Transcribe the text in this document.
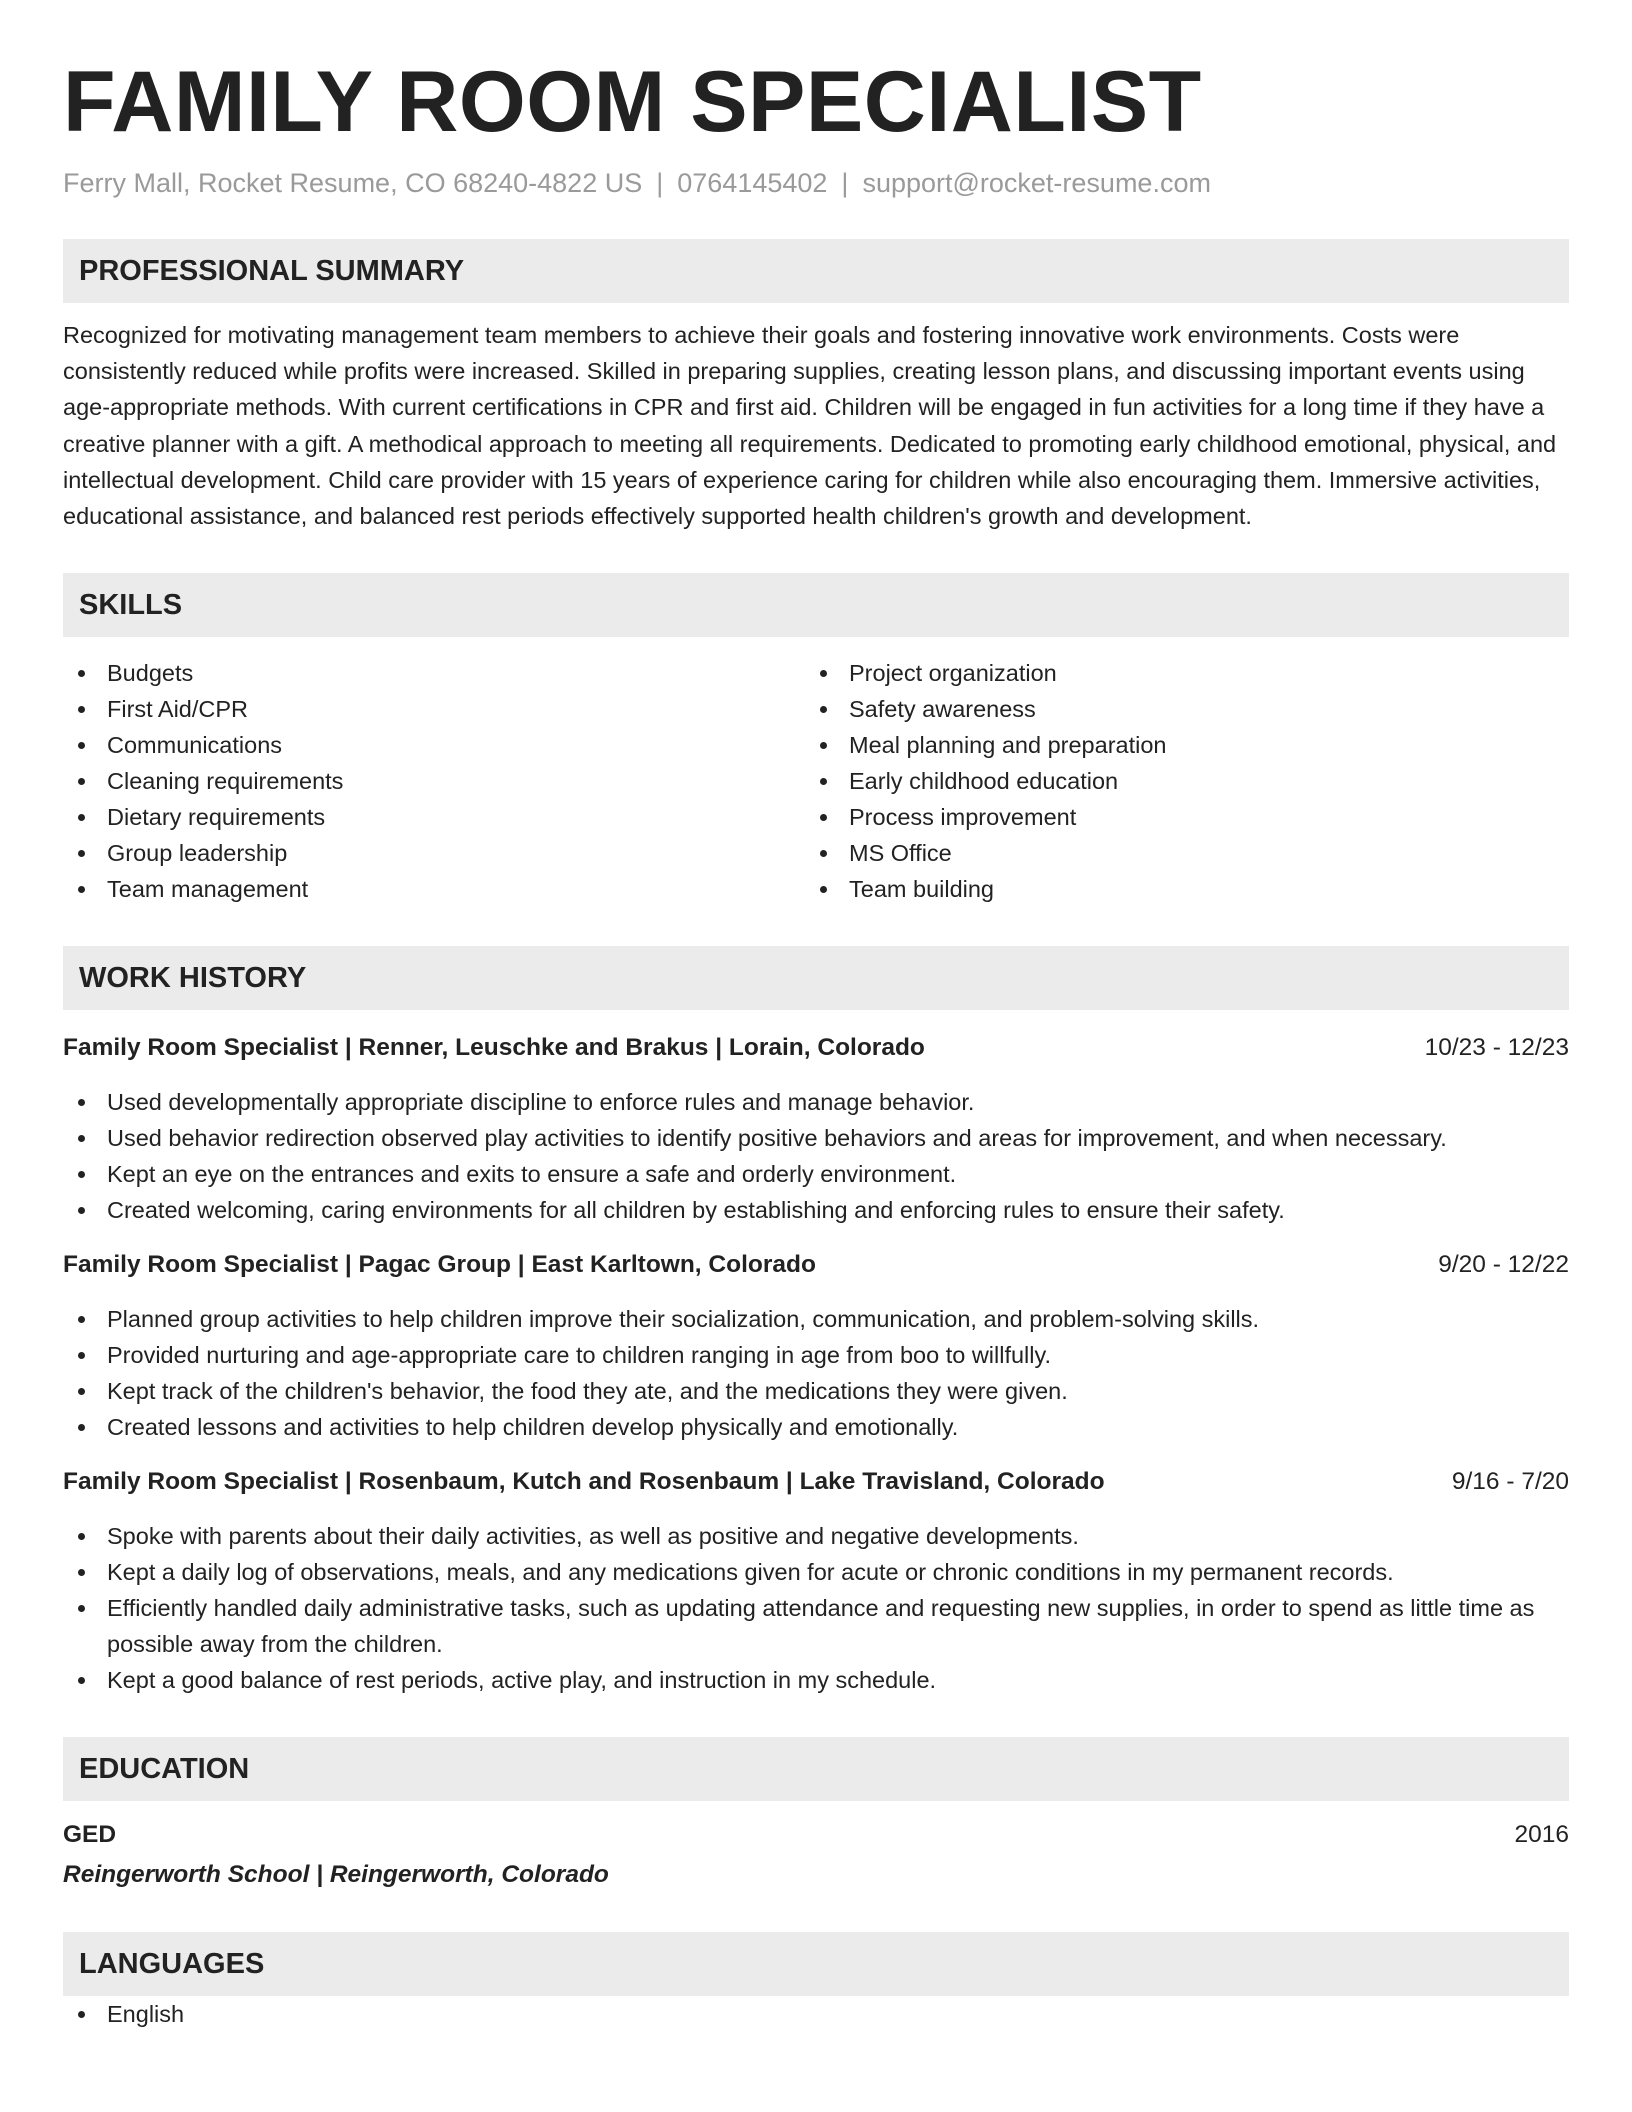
FAMILY ROOM SPECIALIST
Ferry Mall, Rocket Resume, CO 68240-4822 US | 0764145402 | support@rocket-resume.com
PROFESSIONAL SUMMARY

Recognized for motivating management team members to achieve their goals and fostering innovative work environments. Costs were consistently reduced while profits were increased. Skilled in preparing supplies, creating lesson plans, and discussing important events using age-appropriate methods. With current certifications in CPR and first aid. Children will be engaged in fun activities for a long time if they have a creative planner with a gift. A methodical approach to meeting all requirements. Dedicated to promoting early childhood emotional, physical, and intellectual development. Child care provider with 15 years of experience caring for children while also encouraging them. Immersive activities, educational assistance, and balanced rest periods effectively supported health children's growth and development.

SKILLS
Budgets
First Aid/CPR
Communications
Cleaning requirements
Dietary requirements
Group leadership
Team management
Project organization
Safety awareness
Meal planning and preparation
Early childhood education
Process improvement
MS Office
Team building
WORK HISTORY
Family Room Specialist | Renner, Leuschke and Brakus | Lorain, Colorado	10/23 - 12/23
Used developmentally appropriate discipline to enforce rules and manage behavior.
Used behavior redirection observed play activities to identify positive behaviors and areas for improvement, and when necessary.
Kept an eye on the entrances and exits to ensure a safe and orderly environment.
Created welcoming, caring environments for all children by establishing and enforcing rules to ensure their safety.
Family Room Specialist | Pagac Group | East Karltown, Colorado	9/20 - 12/22
Planned group activities to help children improve their socialization, communication, and problem-solving skills.
Provided nurturing and age-appropriate care to children ranging in age from boo to willfully.
Kept track of the children's behavior, the food they ate, and the medications they were given.
Created lessons and activities to help children develop physically and emotionally.
Family Room Specialist | Rosenbaum, Kutch and Rosenbaum | Lake Travisland, Colorado	9/16 - 7/20
Spoke with parents about their daily activities, as well as positive and negative developments.
Kept a daily log of observations, meals, and any medications given for acute or chronic conditions in my permanent records.
Efficiently handled daily administrative tasks, such as updating attendance and requesting new supplies, in order to spend as little time as possible away from the children.
Kept a good balance of rest periods, active play, and instruction in my schedule.
EDUCATION
GED	2016
Reingerworth School | Reingerworth, Colorado
LANGUAGES
English
